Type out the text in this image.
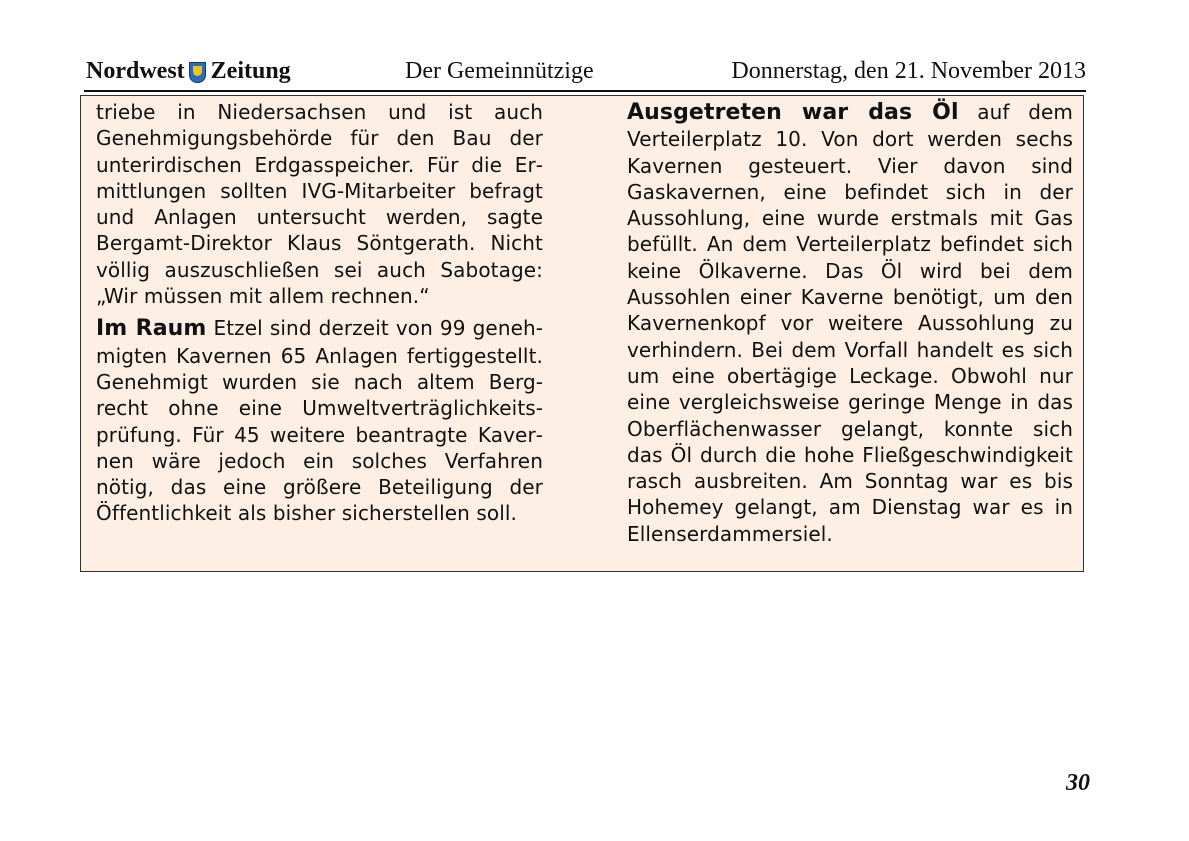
Nordwest Zeitung	Der Gemeinnützige	Donnerstag, den 21. November 2013

triebe in Niedersachsen und ist auch Genehmigungsbehörde für den Bau der unterirdischen Erdgasspeicher. Für die Ermittlungen sollten IVG-Mitarbeiter befragt und Anlagen untersucht werden, sagte Bergamt-Direktor Klaus Söntgerath. Nicht völlig auszuschließen sei auch Sabotage: „Wir müssen mit allem rechnen.“

Im Raum Etzel sind derzeit von 99 genehmigten Kavernen 65 Anlagen fertiggestellt. Genehmigt wurden sie nach altem Bergrecht ohne eine Umweltverträglichkeitsprüfung. Für 45 weitere beantragte Kavernen wäre jedoch ein solches Verfahren nötig, das eine größere Beteiligung der Öffentlichkeit als bisher sicherstellen soll.

Ausgetreten war das Öl auf dem Verteilerplatz 10. Von dort werden sechs Kavernen gesteuert. Vier davon sind Gaskavernen, eine befindet sich in der Aussohlung, eine wurde erstmals mit Gas befüllt. An dem Verteilerplatz befindet sich keine Ölkaverne. Das Öl wird bei dem Aussohlen einer Kaverne benötigt, um den Kavernenkopf vor weitere Aussohlung zu verhindern. Bei dem Vorfall handelt es sich um eine obertägige Leckage. Obwohl nur eine vergleichsweise geringe Menge in das Oberflächenwasser gelangt, konnte sich das Öl durch die hohe Fließgeschwindigkeit rasch ausbreiten. Am Sonntag war es bis Hohemey gelangt, am Dienstag war es in Ellenserdammersiel.

30
